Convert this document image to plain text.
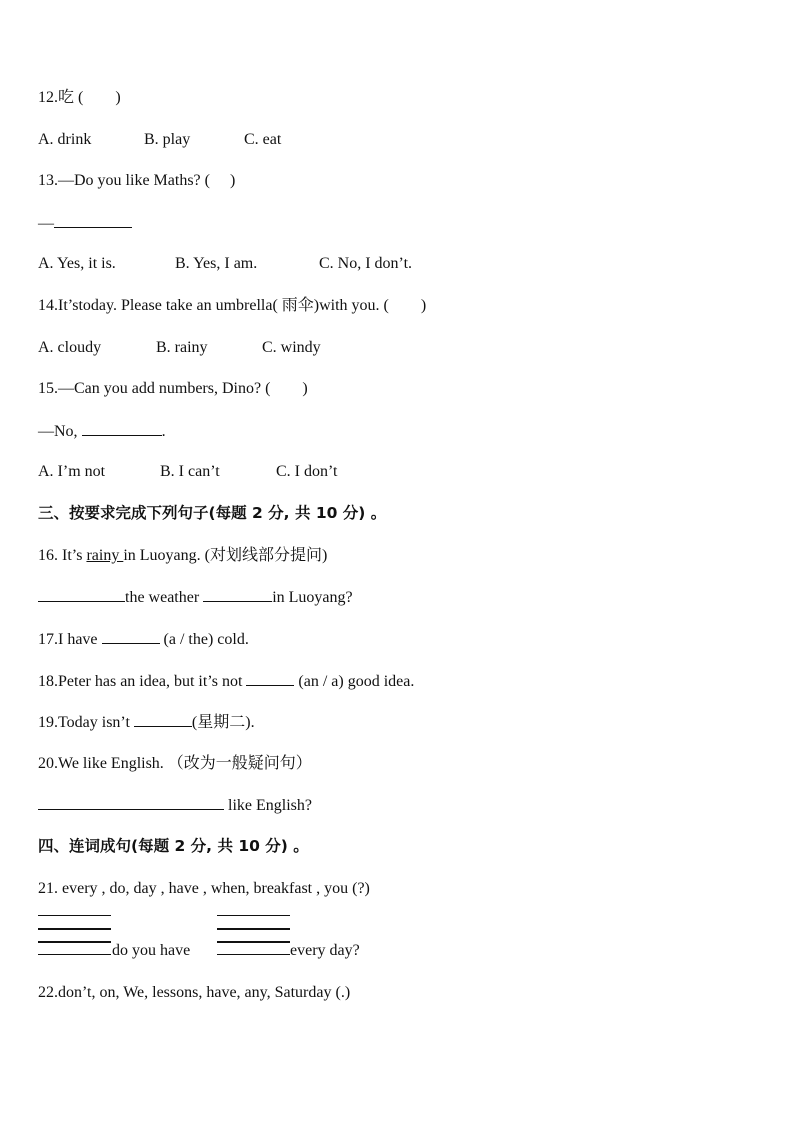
12.吃 (　　)
A. drink	B. play	C. eat
13.—Do you like Maths? (　 )
—
A. Yes, it is.	B. Yes, I am.	C. No, I don’t.
14.It’stoday. Please take an umbrella( 雨伞)with you. (　　)
A. cloudy	B. rainy	C. windy
15.—Can you add numbers, Dino? (　　)
—No,	.
A. I’m not	B. I can’t	C. I don’t
三、按要求完成下列句子(每题 2 分, 共 10 分) 。
16. It’s rainy in Luoyang. (对划线部分提问)
the weather	in Luoyang?
17.I have	(a / the) cold.
18.Peter has an idea, but it’s not	(an / a) good idea.
19.Today isn’t	(星期二).
20.We like English. （改为一般疑问句）
like English?
四、连词成句(每题 2 分, 共 10 分) 。
21. every , do, day , have , when, breakfast , you (?)
do you have	every day?
22.don’t, on, We, lessons, have, any, Saturday (.)
